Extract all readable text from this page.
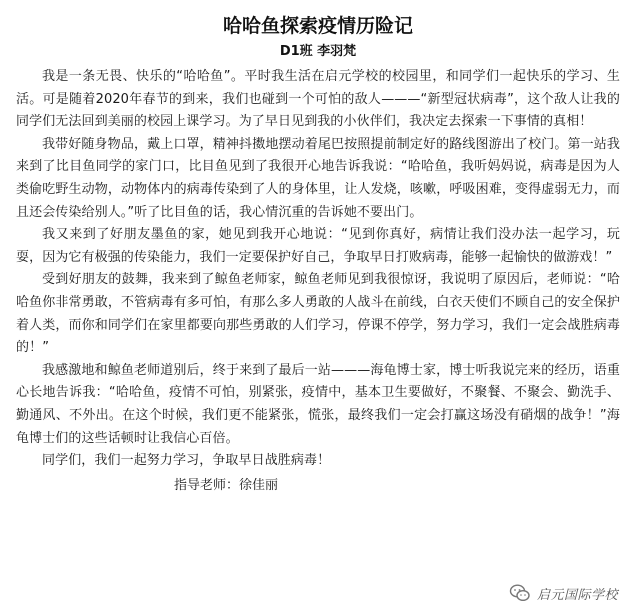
哈哈鱼探索疫情历险记
D1班 李羽梵

我是一条无畏、快乐的“哈哈鱼”。平时我生活在启元学校的校园里，和同学们一起快乐的学习、生活。可是随着2020年春节的到来，我们也碰到一个可怕的敌人———“新型冠状病毒”，这个敌人让我的同学们无法回到美丽的校园上课学习。为了早日见到我的小伙伴们，我决定去探索一下事情的真相！

我带好随身物品，戴上口罩，精神抖擞地摆动着尾巴按照提前制定好的路线图游出了校门。第一站我来到了比目鱼同学的家门口，比目鱼见到了我很开心地告诉我说：“哈哈鱼，我听妈妈说，病毒是因为人类偷吃野生动物，动物体内的病毒传染到了人的身体里，让人发烧，咳嗽，呼吸困难，变得虚弱无力，而且还会传染给别人。”听了比目鱼的话，我心情沉重的告诉她不要出门。

我又来到了好朋友墨鱼的家，她见到我开心地说：“见到你真好，病情让我们没办法一起学习，玩耍，因为它有极强的传染能力，我们一定要保护好自己，争取早日打败病毒，能够一起愉快的做游戏！”

受到好朋友的鼓舞，我来到了鲸鱼老师家，鲸鱼老师见到我很惊讶，我说明了原因后，老师说：“哈哈鱼你非常勇敢，不管病毒有多可怕，有那么多人勇敢的人战斗在前线，白衣天使们不顾自己的安全保护着人类，而你和同学们在家里都要向那些勇敢的人们学习，停课不停学，努力学习，我们一定会战胜病毒的！”

我感激地和鲸鱼老师道别后，终于来到了最后一站———海龟博士家，博士听我说完来的经历，语重心长地告诉我：“哈哈鱼，疫情不可怕，别紧张，疫情中，基本卫生要做好，不聚餐、不聚会、勤洗手、勤通风、不外出。在这个时候，我们更不能紧张，慌张，最终我们一定会打赢这场没有硝烟的战争！”海龟博士们的这些话顿时让我信心百倍。

同学们，我们一起努力学习，争取早日战胜病毒！

指导老师：徐佳丽
启元国际学校
